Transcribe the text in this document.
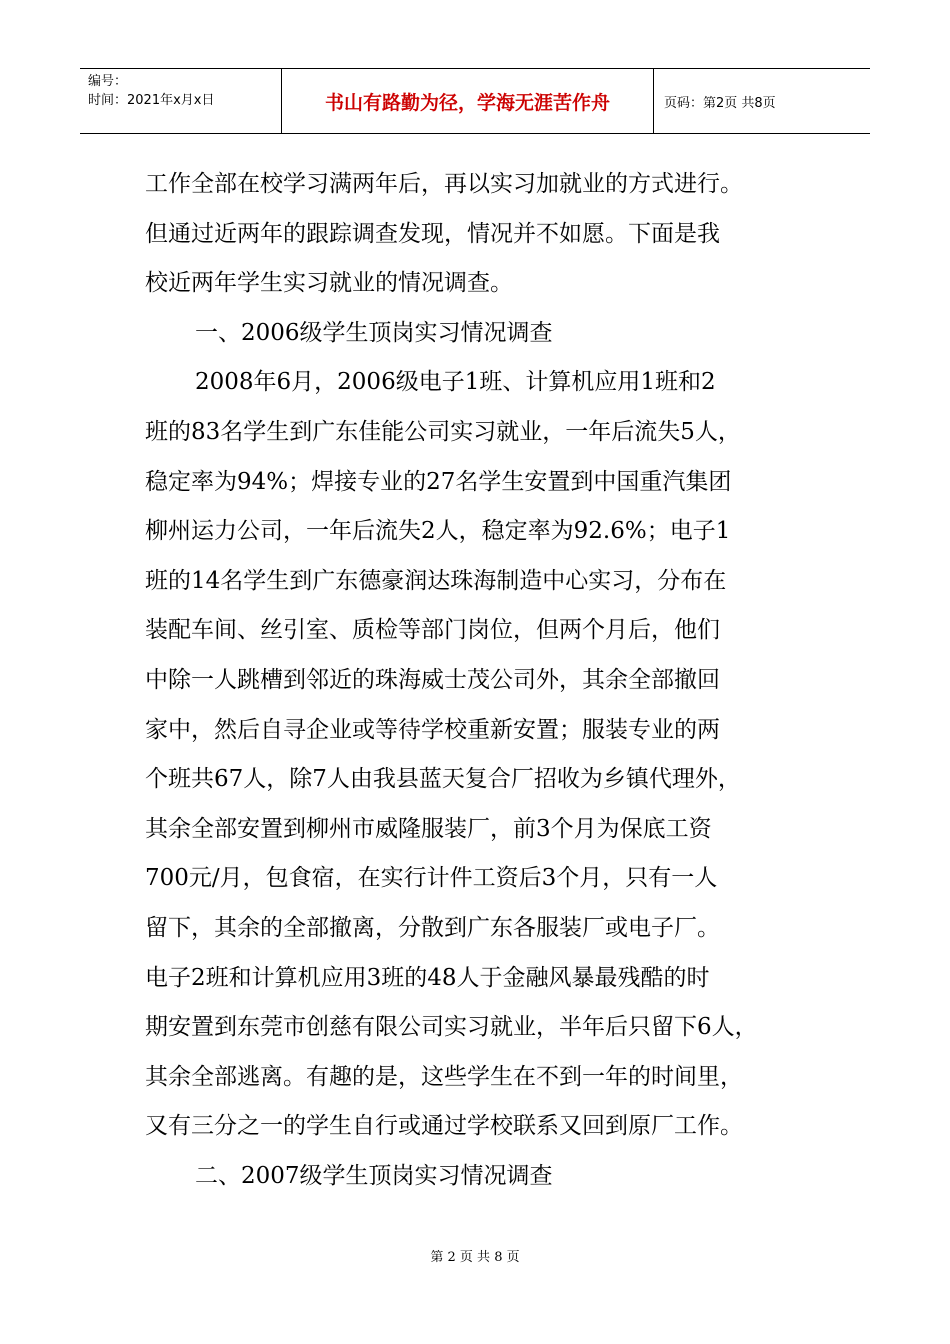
编号：
时间：2021年x月x日	书山有路勤为径，学海无涯苦作舟	页码：第2页 共8页
工作全部在校学习满两年后，再以实习加就业的方式进行。
但通过近两年的跟踪调查发现，情况并不如愿。下面是我
校近两年学生实习就业的情况调查。
一、2006级学生顶岗实习情况调查
2008年6月，2006级电子1班、计算机应用1班和2
班的83名学生到广东佳能公司实习就业，一年后流失5人，
稳定率为94%；焊接专业的27名学生安置到中国重汽集团
柳州运力公司，一年后流失2人，稳定率为92.6%；电子1
班的14名学生到广东德豪润达珠海制造中心实习，分布在
装配车间、丝引室、质检等部门岗位，但两个月后，他们
中除一人跳槽到邻近的珠海威士茂公司外，其余全部撤回
家中，然后自寻企业或等待学校重新安置；服装专业的两
个班共67人，除7人由我县蓝天复合厂招收为乡镇代理外，
其余全部安置到柳州市威隆服装厂，前3个月为保底工资
700元/月，包食宿，在实行计件工资后3个月，只有一人
留下，其余的全部撤离，分散到广东各服装厂或电子厂。
电子2班和计算机应用3班的48人于金融风暴最残酷的时
期安置到东莞市创慈有限公司实习就业，半年后只留下6人，
其余全部逃离。有趣的是，这些学生在不到一年的时间里，
又有三分之一的学生自行或通过学校联系又回到原厂工作。
二、2007级学生顶岗实习情况调查
第 2 页 共 8 页
